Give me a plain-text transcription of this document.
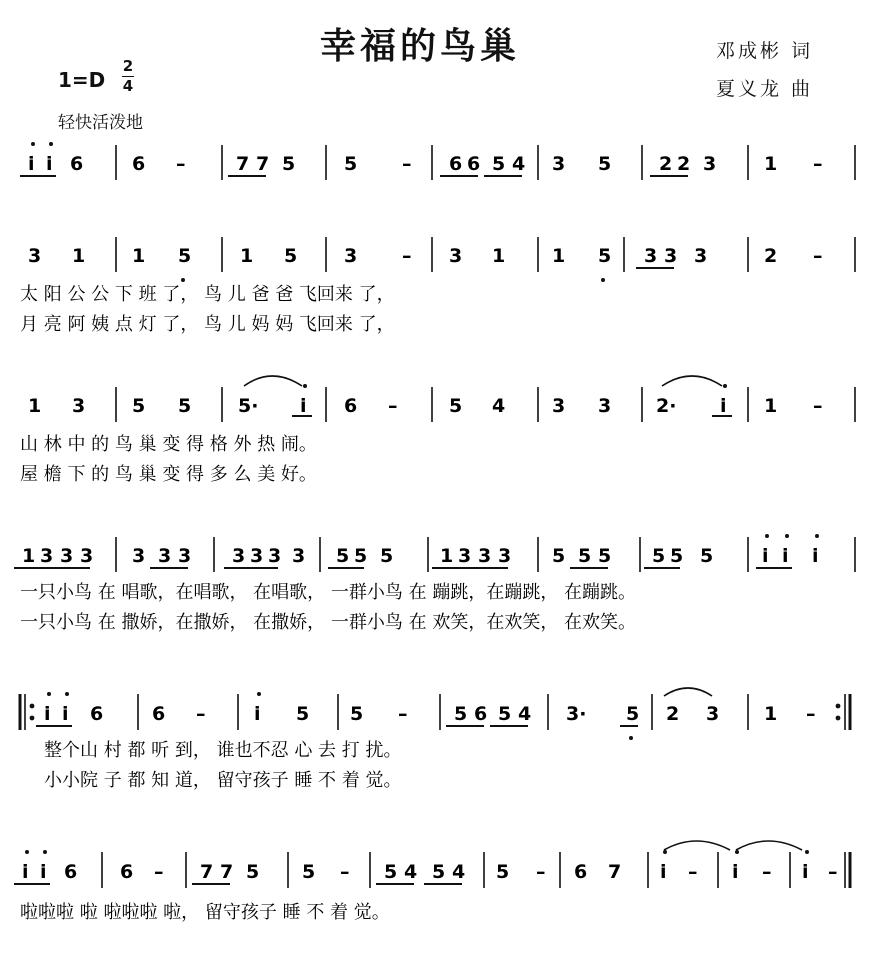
幸福的鸟巢	邓成彬 词
夏义龙 曲
1=D
2
4
轻快活泼地
i i 6	6 –	7 7 5	5 – 6 6 5 4 3 5	2 2 3	1 –
3 1 1 5	1 5 3 – 3 1 1 5 3 3 3	2 –
1 3 5 5 5· i 6 –	5 4 3 3 2· i 1 –
1 3 3 3 3 3 3 3 3 3 3 5 5 5 1 3 3 3 5 5 5 5 5 5	i i i
i i 6	6 –	i 5 5 – 5 6 5 4 3· 5 2 3 1 –
i i 6 6 – 7 7 5 5 – 5 4 5 4 5 – 6 7 i – i – i –
太 阳 公 公 下 班 了， 鸟 儿 爸 爸 飞回来 了，
月 亮 阿 姨 点 灯 了， 鸟 儿 妈 妈 飞回来 了，
山 林 中 的 鸟 巢 变 得 格 外 热 闹。
屋 檐 下 的 鸟 巢 变 得 多 么 美 好。
一只小鸟 在 唱歌，在唱歌， 在唱歌， 一群小鸟 在 蹦跳，在蹦跳， 在蹦跳。
一只小鸟 在 撒娇，在撒娇， 在撒娇， 一群小鸟 在 欢笑，在欢笑， 在欢笑。
整个山 村 都 听 到， 谁也不忍 心 去 打 扰。
小小院 子 都 知 道， 留守孩子 睡 不 着 觉。
啦啦啦 啦 啦啦啦 啦， 留守孩子 睡 不 着 觉。
